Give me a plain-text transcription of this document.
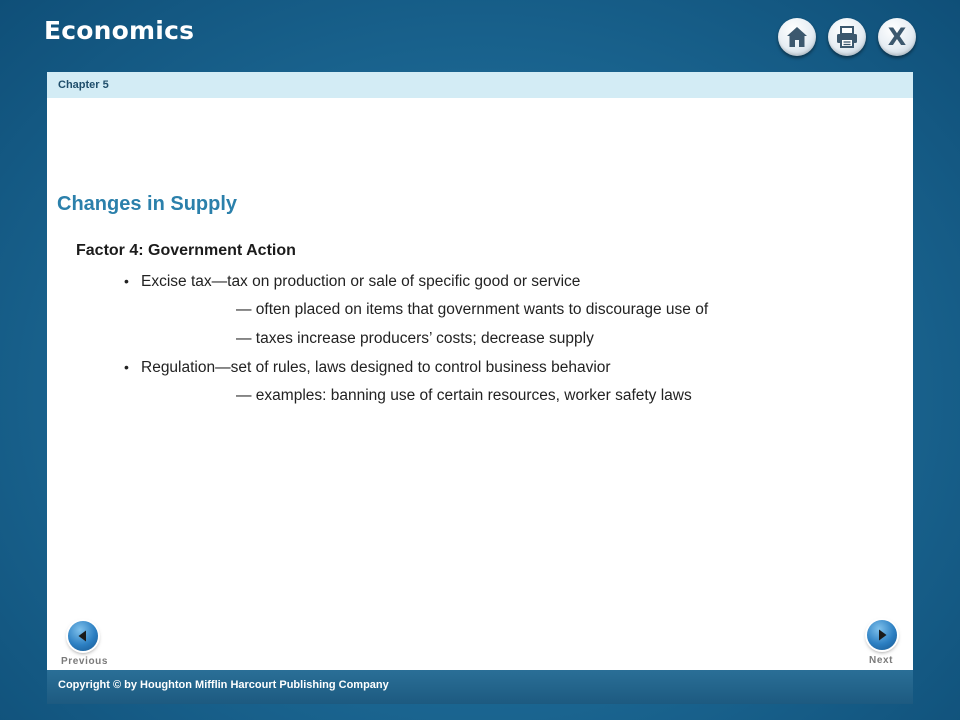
Economics	X
Chapter 5
Changes in Supply
Factor 4: Government Action
• Excise tax—tax on production or sale of specific good or service
— often placed on items that government wants to discourage use of
— taxes increase producers’ costs; decrease supply
• Regulation—set of rules, laws designed to control business behavior
— examples: banning use of certain resources, worker safety laws
Previous	Next
Copyright © by Houghton Mifflin Harcourt Publishing Company
